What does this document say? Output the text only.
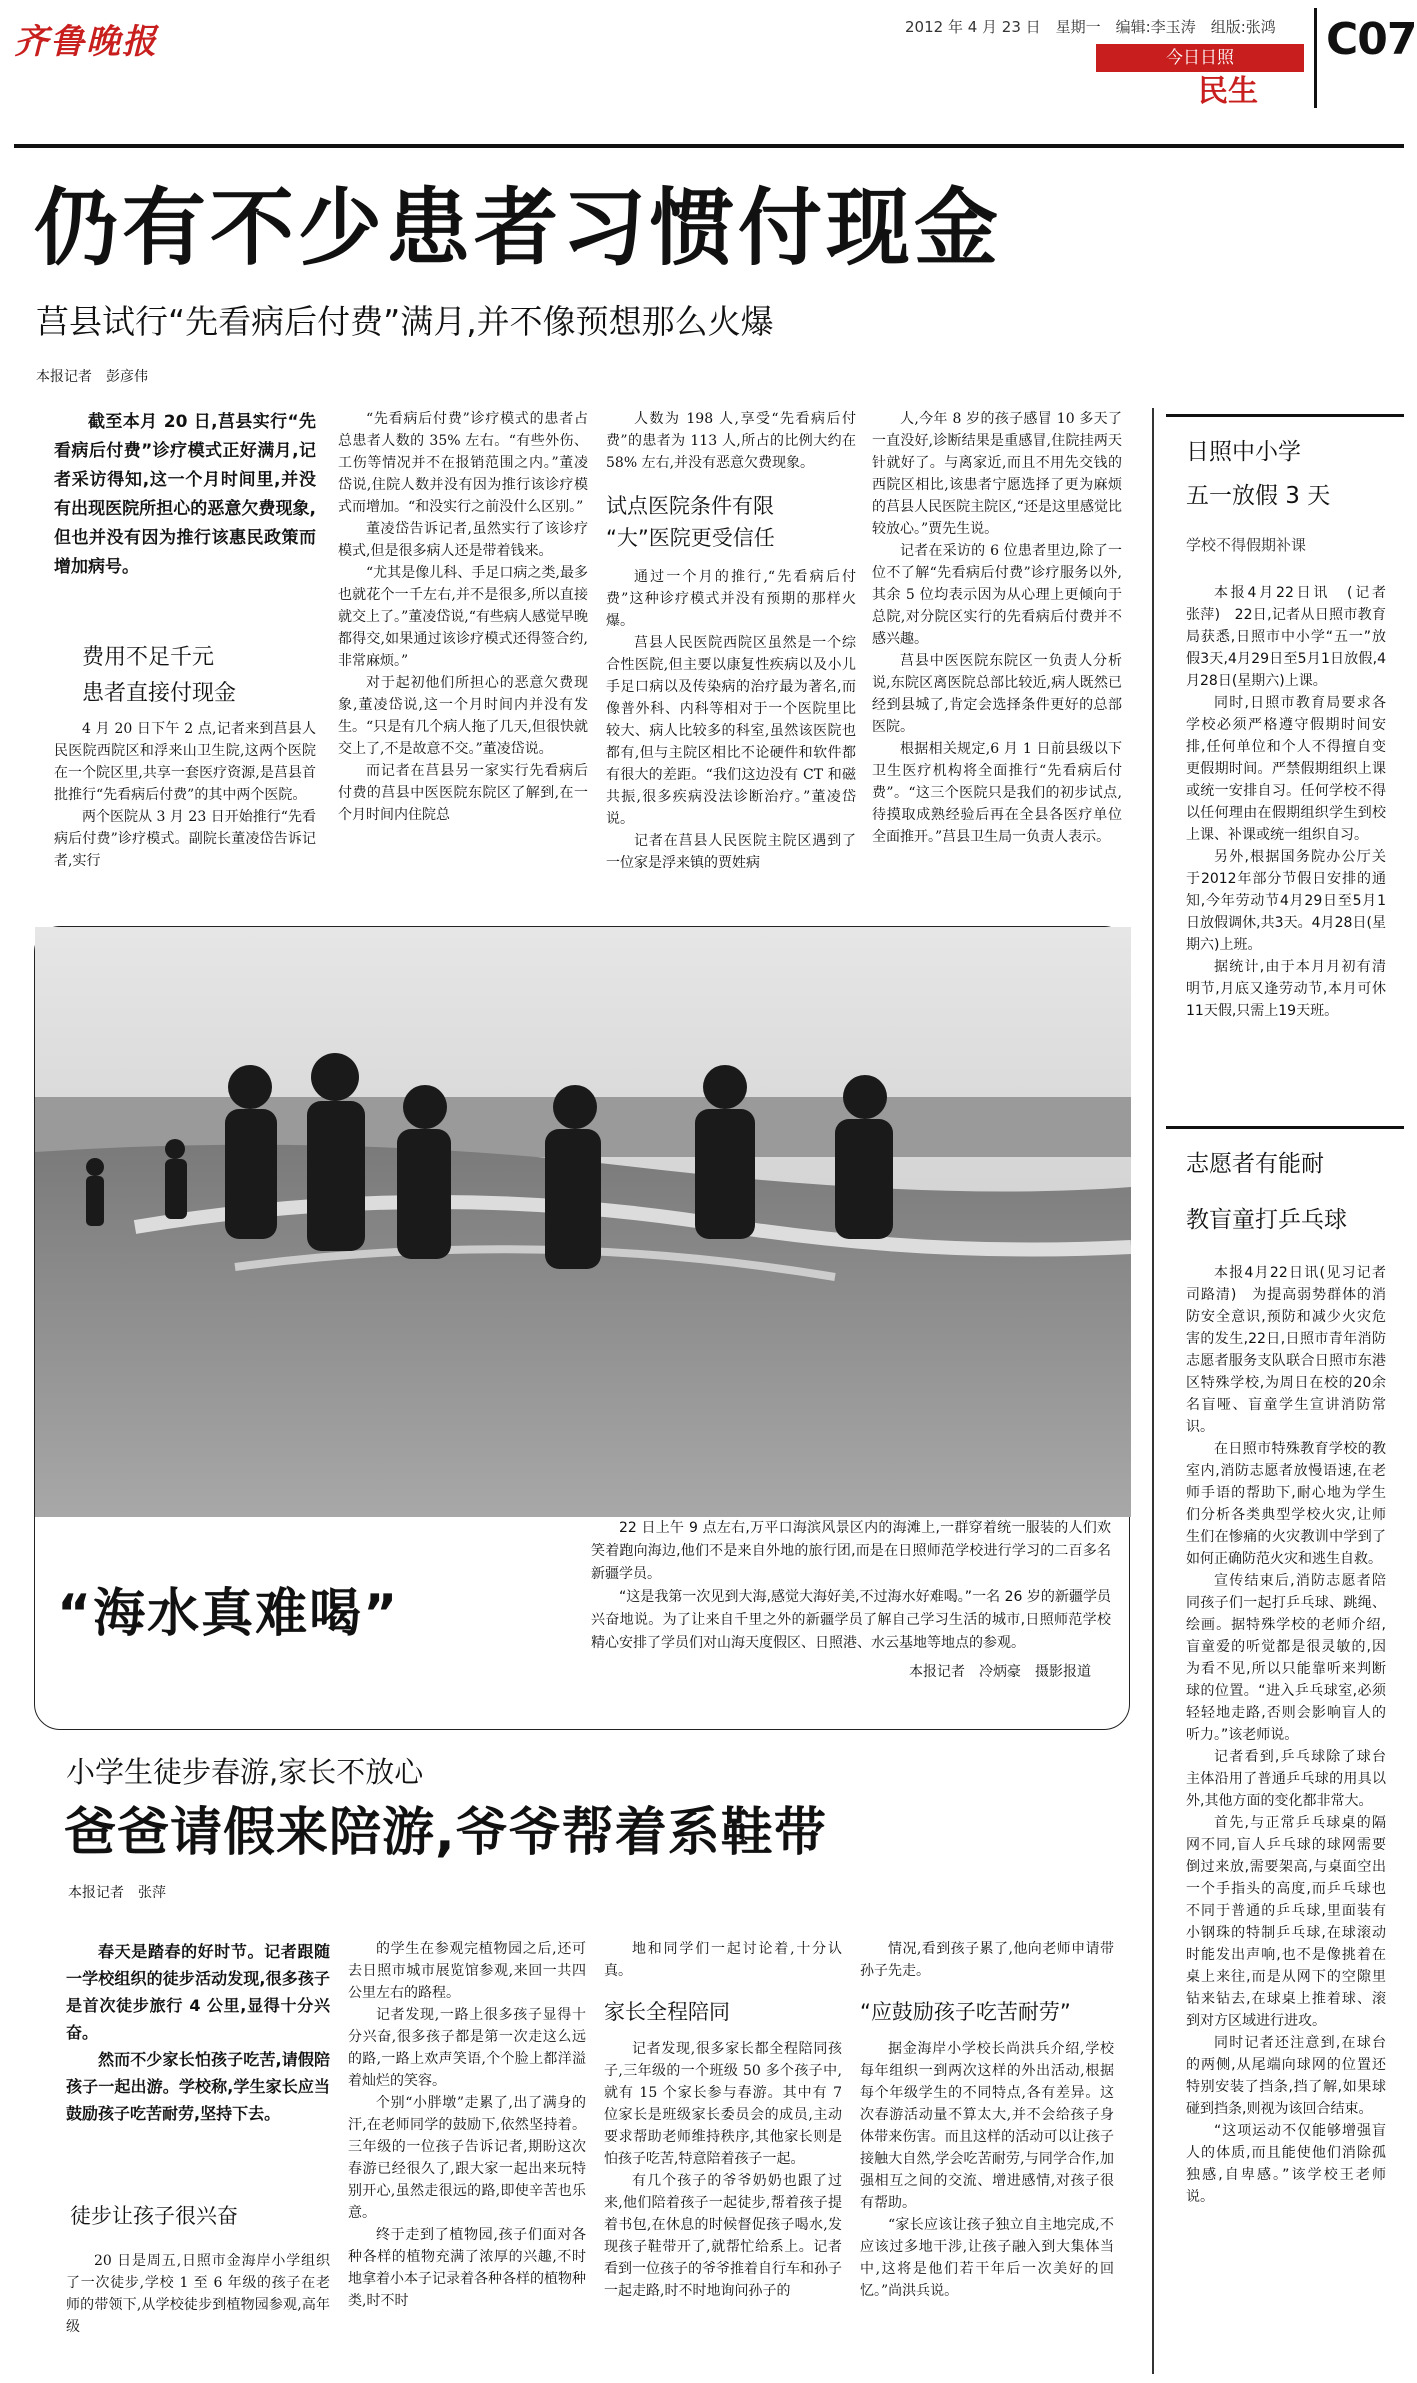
齐鲁晚报	2012 年 4 月 23 日　星期一　编辑:李玉涛　组版:张鸿
今日日照
民生
C07
仍有不少患者习惯付现金
莒县试行“先看病后付费”满月,并不像预想那么火爆
本报记者　彭彦伟

截至本月 20 日,莒县实行“先看病后付费”诊疗模式正好满月,记者采访得知,这一个月时间里,并没有出现医院所担心的恶意欠费现象,但也并没有因为推行该惠民政策而增加病号。

费用不足千元
患者直接付现金

4 月 20 日下午 2 点,记者来到莒县人民医院西院区和浮来山卫生院,这两个医院在一个院区里,共享一套医疗资源,是莒县首批推行“先看病后付费”的其中两个医院。

两个医院从 3 月 23 日开始推行“先看病后付费”诊疗模式。副院长董凌岱告诉记者,实行

“先看病后付费”诊疗模式的患者占总患者人数的 35% 左右。“有些外伤、工伤等情况并不在报销范围之内。”董凌岱说,住院人数并没有因为推行该诊疗模式而增加。“和没实行之前没什么区别。”

董凌岱告诉记者,虽然实行了该诊疗模式,但是很多病人还是带着钱来。

“尤其是像儿科、手足口病之类,最多也就花个一千左右,并不是很多,所以直接就交上了。”董凌岱说,“有些病人感觉早晚都得交,如果通过该诊疗模式还得签合约,非常麻烦。”

对于起初他们所担心的恶意欠费现象,董凌岱说,这一个月时间内并没有发生。“只是有几个病人拖了几天,但很快就交上了,不是故意不交。”董凌岱说。

而记者在莒县另一家实行先看病后付费的莒县中医医院东院区了解到,在一个月时间内住院总

人数为 198 人,享受“先看病后付费”的患者为 113 人,所占的比例大约在 58% 左右,并没有恶意欠费现象。

试点医院条件有限
“大”医院更受信任

通过一个月的推行,“先看病后付费”这种诊疗模式并没有预期的那样火爆。

莒县人民医院西院区虽然是一个综合性医院,但主要以康复性疾病以及小儿手足口病以及传染病的治疗最为著名,而像普外科、内科等相对于一个医院里比较大、病人比较多的科室,虽然该医院也都有,但与主院区相比不论硬件和软件都有很大的差距。“我们这边没有 CT 和磁共振,很多疾病没法诊断治疗。”董凌岱说。

记者在莒县人民医院主院区遇到了一位家是浮来镇的贾姓病

人,今年 8 岁的孩子感冒 10 多天了一直没好,诊断结果是重感冒,住院挂两天针就好了。与离家近,而且不用先交钱的西院区相比,该患者宁愿选择了更为麻烦的莒县人民医院主院区,“还是这里感觉比较放心。”贾先生说。

记者在采访的 6 位患者里边,除了一位不了解“先看病后付费”诊疗服务以外,其余 5 位均表示因为从心理上更倾向于总院,对分院区实行的先看病后付费并不感兴趣。

莒县中医医院东院区一负责人分析说,东院区离医院总部比较近,病人既然已经到县城了,肯定会选择条件更好的总部医院。

根据相关规定,6 月 1 日前县级以下卫生医疗机构将全面推行“先看病后付费”。“这三个医院只是我们的初步试点,待摸取成熟经验后再在全县各医疗单位全面推开。”莒县卫生局一负责人表示。

“海水真难喝”

22 日上午 9 点左右,万平口海滨风景区内的海滩上,一群穿着统一服装的人们欢笑着跑向海边,他们不是来自外地的旅行团,而是在日照师范学校进行学习的二百多名新疆学员。

“这是我第一次见到大海,感觉大海好美,不过海水好难喝。”一名 26 岁的新疆学员兴奋地说。为了让来自千里之外的新疆学员了解自己学习生活的城市,日照师范学校精心安排了学员们对山海天度假区、日照港、水云基地等地点的参观。

本报记者　冷炳豪　摄影报道

小学生徒步春游,家长不放心
爸爸请假来陪游,爷爷帮着系鞋带
本报记者　张萍

春天是踏春的好时节。记者跟随一学校组织的徒步活动发现,很多孩子是首次徒步旅行 4 公里,显得十分兴奋。

然而不少家长怕孩子吃苦,请假陪孩子一起出游。学校称,学生家长应当鼓励孩子吃苦耐劳,坚持下去。

徒步让孩子很兴奋

20 日是周五,日照市金海岸小学组织了一次徒步,学校 1 至 6 年级的孩子在老师的带领下,从学校徒步到植物园参观,高年级

的学生在参观完植物园之后,还可去日照市城市展览馆参观,来回一共四公里左右的路程。

记者发现,一路上很多孩子显得十分兴奋,很多孩子都是第一次走这么远的路,一路上欢声笑语,个个脸上都洋溢着灿烂的笑容。

个别“小胖墩”走累了,出了满身的汗,在老师同学的鼓励下,依然坚持着。三年级的一位孩子告诉记者,期盼这次春游已经很久了,跟大家一起出来玩特别开心,虽然走很远的路,即使辛苦也乐意。

终于走到了植物园,孩子们面对各种各样的植物充满了浓厚的兴趣,不时地拿着小本子记录着各种各样的植物种类,时不时

地和同学们一起讨论着,十分认真。

家长全程陪同

记者发现,很多家长都全程陪同孩子,三年级的一个班级 50 多个孩子中,就有 15 个家长参与春游。其中有 7 位家长是班级家长委员会的成员,主动要求帮助老师维持秩序,其他家长则是怕孩子吃苦,特意陪着孩子一起。

有几个孩子的爷爷奶奶也跟了过来,他们陪着孩子一起徒步,帮着孩子提着书包,在休息的时候督促孩子喝水,发现孩子鞋带开了,就帮忙给系上。记者看到一位孩子的爷爷推着自行车和孙子一起走路,时不时地询问孙子的

情况,看到孩子累了,他向老师申请带孙子先走。

“应鼓励孩子吃苦耐劳”

据金海岸小学校长尚洪兵介绍,学校每年组织一到两次这样的外出活动,根据每个年级学生的不同特点,各有差异。这次春游活动量不算太大,并不会给孩子身体带来伤害。而且这样的活动可以让孩子接触大自然,学会吃苦耐劳,与同学合作,加强相互之间的交流、增进感情,对孩子很有帮助。

“家长应该让孩子独立自主地完成,不应该过多地干涉,让孩子融入到大集体当中,这将是他们若干年后一次美好的回忆。”尚洪兵说。

日照中小学
五一放假 3 天
学校不得假期补课

本报4月22日讯　(记者　张萍)　22日,记者从日照市教育局获悉,日照市中小学“五一”放假3天,4月29日至5月1日放假,4月28日(星期六)上课。

同时,日照市教育局要求各学校必须严格遵守假期时间安排,任何单位和个人不得擅自变更假期时间。严禁假期组织上课或统一安排自习。任何学校不得以任何理由在假期组织学生到校上课、补课或统一组织自习。

另外,根据国务院办公厅关于2012年部分节假日安排的通知,今年劳动节4月29日至5月1日放假调休,共3天。4月28日(星期六)上班。

据统计,由于本月月初有清明节,月底又逢劳动节,本月可休11天假,只需上19天班。

志愿者有能耐
教盲童打乒乓球

本报4月22日讯(见习记者　司路清)　为提高弱势群体的消防安全意识,预防和减少火灾危害的发生,22日,日照市青年消防志愿者服务支队联合日照市东港区特殊学校,为周日在校的20余名盲哑、盲童学生宣讲消防常识。

在日照市特殊教育学校的教室内,消防志愿者放慢语速,在老师手语的帮助下,耐心地为学生们分析各类典型学校火灾,让师生们在惨痛的火灾教训中学到了如何正确防范火灾和逃生自救。

宣传结束后,消防志愿者陪同孩子们一起打乒乓球、跳绳、绘画。据特殊学校的老师介绍,盲童爱的听觉都是很灵敏的,因为看不见,所以只能靠听来判断球的位置。“进入乒乓球室,必须轻轻地走路,否则会影响盲人的听力。”该老师说。

记者看到,乒乓球除了球台主体沿用了普通乒乓球的用具以外,其他方面的变化都非常大。

首先,与正常乒乓球桌的隔网不同,盲人乒乓球的球网需要倒过来放,需要架高,与桌面空出一个手指头的高度,而乒乓球也不同于普通的乒乓球,里面装有小钢珠的特制乒乓球,在球滚动时能发出声响,也不是像挑着在桌上来往,而是从网下的空隙里钻来钻去,在球桌上推着球、滚到对方区域进行进攻。

同时记者还注意到,在球台的两侧,从尾端向球网的位置还特别安装了挡条,挡了解,如果球碰到挡条,则视为该回合结束。

“这项运动不仅能够增强盲人的体质,而且能使他们消除孤独感,自卑感。”该学校王老师说。
